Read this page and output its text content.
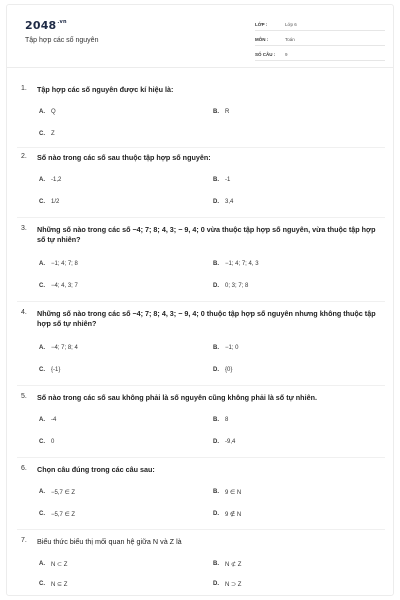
$2048^{.vn}$
Tập hợp các số nguyên
LỚP :	Lớp 6
MÔN :	Toán
SỐ CÂU :	9
1.	Tập hợp các số nguyên được kí hiệu là:
A.	Q	B.	R
C.	Z
2.	Số nào trong các số sau thuộc tập hợp số nguyên:
A.	-1,2	B.	-1
C.	1/2	D.	3,4
3.	Những số nào trong các số −4; 7; 8; 4, 3; − 9, 4; 0 vừa thuộc tập hợp số nguyên, vừa thuộc tập hợp số tự nhiên?
A.	−1; 4; 7; 8	B.	−1; 4; 7; 4, 3
C.	−4; 4, 3; 7	D.	0; 3; 7; 8
4.	Những số nào trong các số −4; 7; 8; 4, 3; − 9, 4; 0 thuộc tập hợp số nguyên nhưng không thuộc tập hợp số tự nhiên?
A.	−4; 7; 8; 4	B.	−1; 0
C.	{-1}	D.	{0}
5.	Số nào trong các số sau không phải là số nguyên cũng không phải là số tự nhiên.
A.	-4	B.	8
C.	0	D.	-9,4
6.	Chọn câu đúng trong các câu sau:
A.	−5,7 ∈ Z	B.	9 ∈ N
C.	−5,7 ∈ Z	D.	9 ∉ N
7.	Biểu thức biểu thị mối quan hệ giữa N và Z là
A.	N ⊂ Z	B.	N ⊄ Z
C.	N ⊆ Z	D.	N ⊃ Z
